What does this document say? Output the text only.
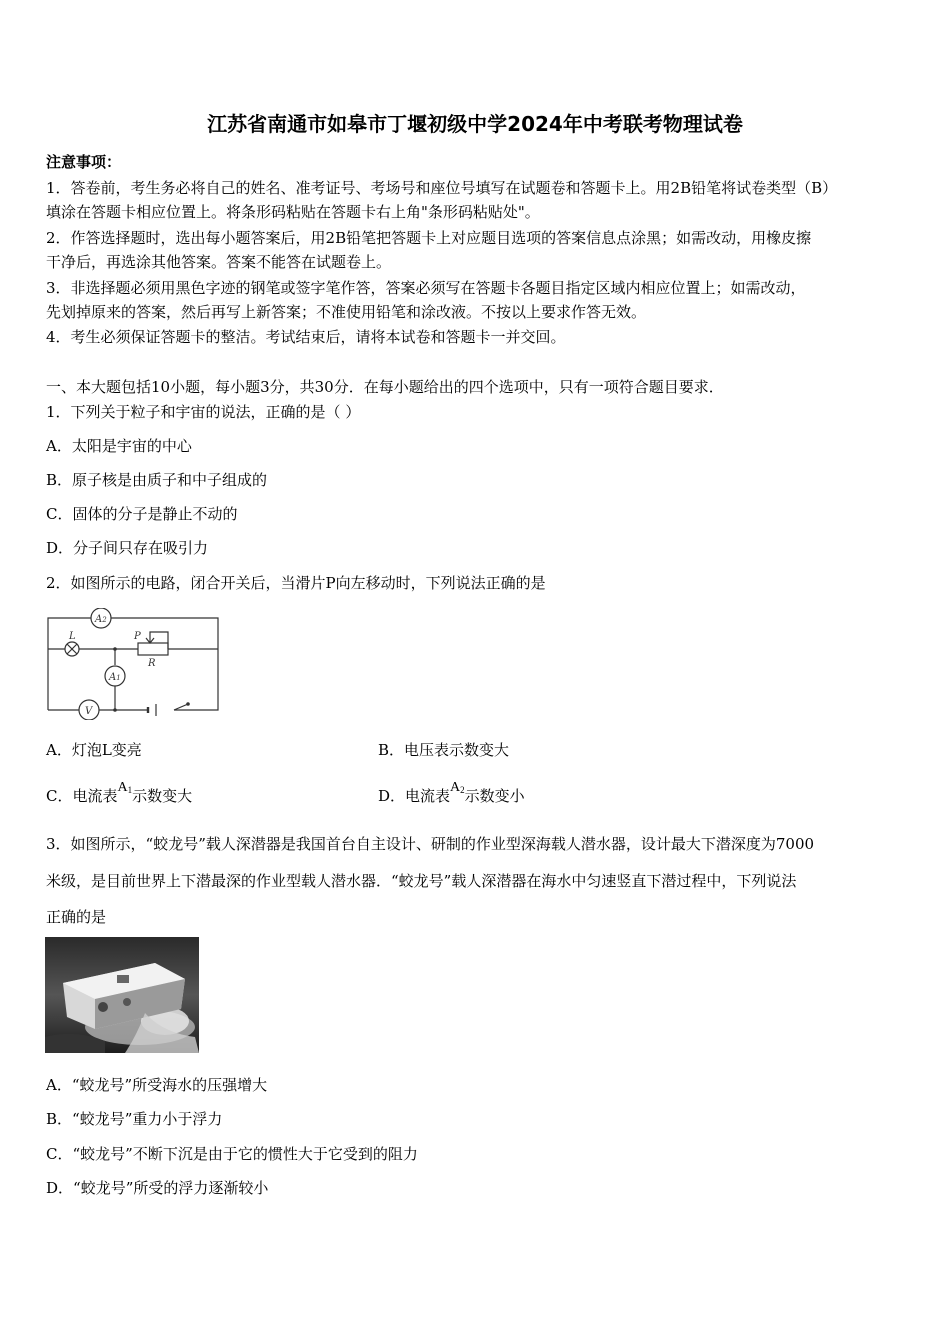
江苏省南通市如皋市丁堰初级中学2024年中考联考物理试卷
注意事项：
1．答卷前，考生务必将自己的姓名、准考证号、考场号和座位号填写在试题卷和答题卡上。用2B铅笔将试卷类型（B）
填涂在答题卡相应位置上。将条形码粘贴在答题卡右上角"条形码粘贴处"。
2．作答选择题时，选出每小题答案后，用2B铅笔把答题卡上对应题目选项的答案信息点涂黑；如需改动，用橡皮擦
干净后，再选涂其他答案。答案不能答在试题卷上。
3．非选择题必须用黑色字迹的钢笔或签字笔作答，答案必须写在答题卡各题目指定区域内相应位置上；如需改动，
先划掉原来的答案，然后再写上新答案；不准使用铅笔和涂改液。不按以上要求作答无效。
4．考生必须保证答题卡的整洁。考试结束后，请将本试卷和答题卡一并交回。
一、本大题包括10小题，每小题3分，共30分．在每小题给出的四个选项中，只有一项符合题目要求．
1．下列关于粒子和宇宙的说法，正确的是（ ）
A．太阳是宇宙的中心
B．原子核是由质子和中子组成的
C．固体的分子是静止不动的
D．分子间只存在吸引力
2．如图所示的电路，闭合开关后，当滑片P向左移动时，下列说法正确的是
A2
A1
V
L	P
R
A．灯泡L变亮	B．电压表示数变大
C．电流表A1示数变大	D．电流表A2示数变小
3．如图所示，“蛟龙号”载人深潜器是我国首台自主设计、研制的作业型深海载人潜水器，设计最大下潜深度为7000
米级，是目前世界上下潜最深的作业型载人潜水器．“蛟龙号”载人深潜器在海水中匀速竖直下潜过程中，下列说法
正确的是
A．“蛟龙号”所受海水的压强增大
B．“蛟龙号”重力小于浮力
C．“蛟龙号”不断下沉是由于它的惯性大于它受到的阻力
D．“蛟龙号”所受的浮力逐渐较小
